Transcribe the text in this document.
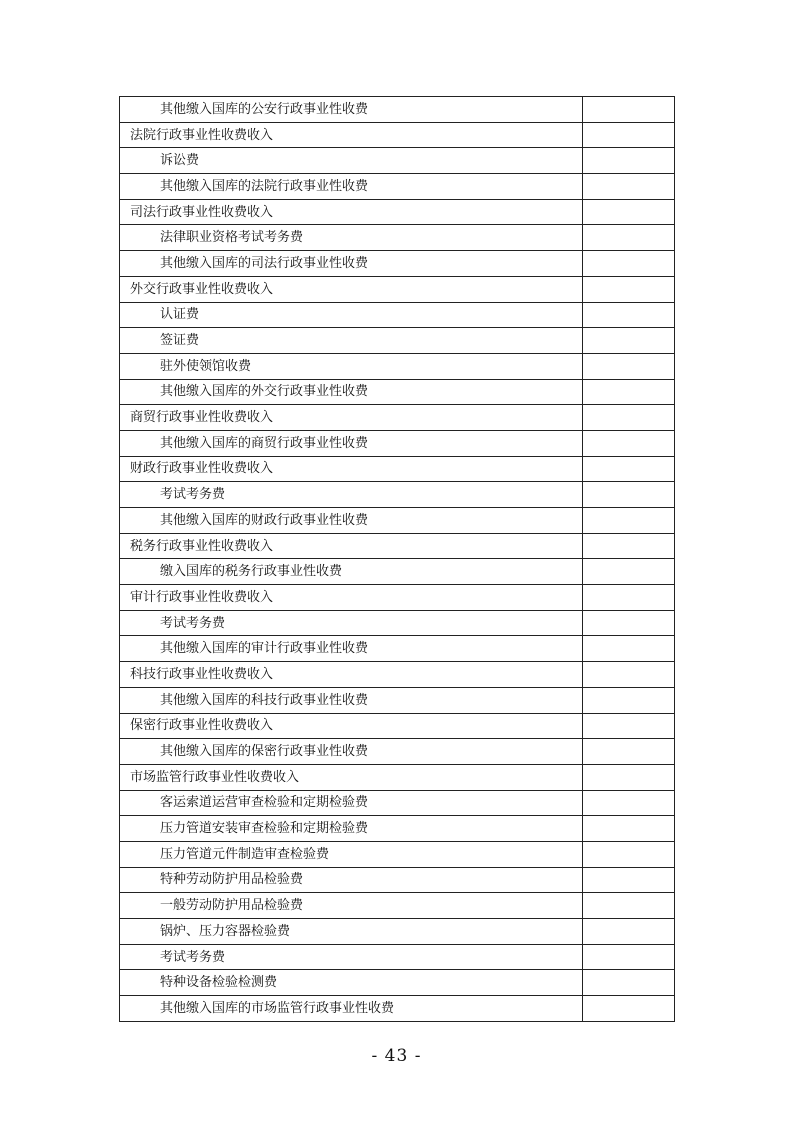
其他缴入国库的公安行政事业性收费	
法院行政事业性收费收入	
诉讼费	
其他缴入国库的法院行政事业性收费	
司法行政事业性收费收入	
法律职业资格考试考务费	
其他缴入国库的司法行政事业性收费	
外交行政事业性收费收入	
认证费	
签证费	
驻外使领馆收费	
其他缴入国库的外交行政事业性收费	
商贸行政事业性收费收入	
其他缴入国库的商贸行政事业性收费	
财政行政事业性收费收入	
考试考务费	
其他缴入国库的财政行政事业性收费	
税务行政事业性收费收入	
缴入国库的税务行政事业性收费	
审计行政事业性收费收入	
考试考务费	
其他缴入国库的审计行政事业性收费	
科技行政事业性收费收入	
其他缴入国库的科技行政事业性收费	
保密行政事业性收费收入	
其他缴入国库的保密行政事业性收费	
市场监管行政事业性收费收入	
客运索道运营审查检验和定期检验费	
压力管道安装审查检验和定期检验费	
压力管道元件制造审查检验费	
特种劳动防护用品检验费	
一般劳动防护用品检验费	
锅炉、压力容器检验费	
考试考务费	
特种设备检验检测费	
其他缴入国库的市场监管行政事业性收费	
- 43 -
